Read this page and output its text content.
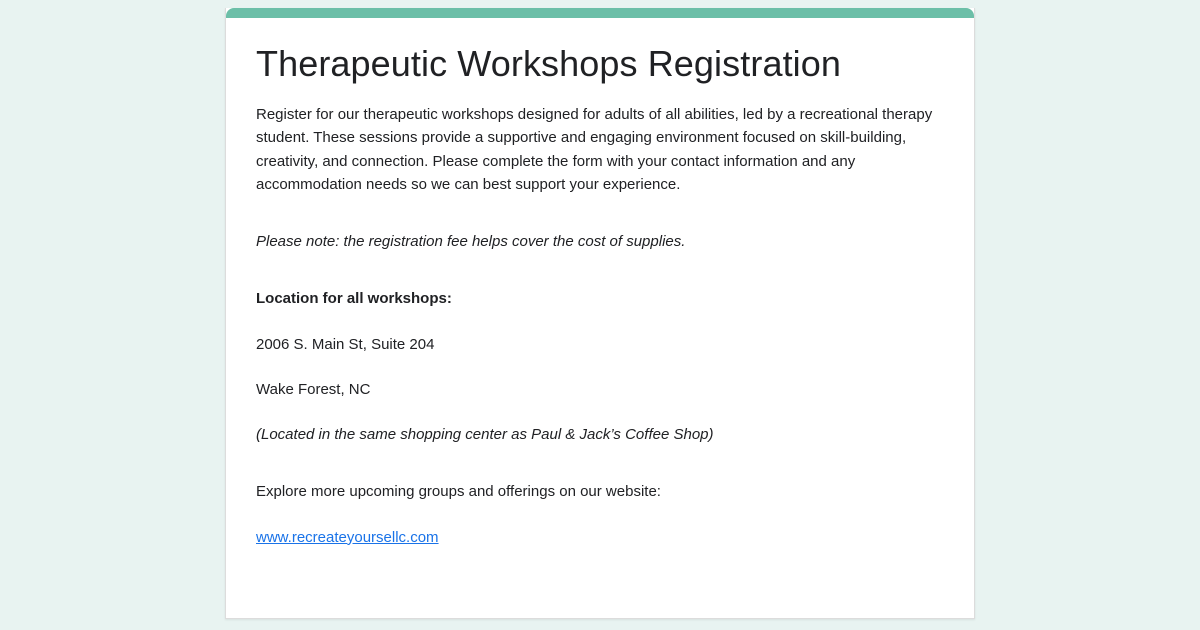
Therapeutic Workshops Registration

Register for our therapeutic workshops designed for adults of all abilities, led by a recreational therapy student. These sessions provide a supportive and engaging environment focused on skill-building, creativity, and connection. Please complete the form with your contact information and any accommodation needs so we can best support your experience.

Please note: the registration fee helps cover the cost of supplies.

Location for all workshops:

2006 S. Main St, Suite 204

Wake Forest, NC

(Located in the same shopping center as Paul & Jack’s Coffee Shop)

Explore more upcoming groups and offerings on our website:

www.recreateyoursellc.com
